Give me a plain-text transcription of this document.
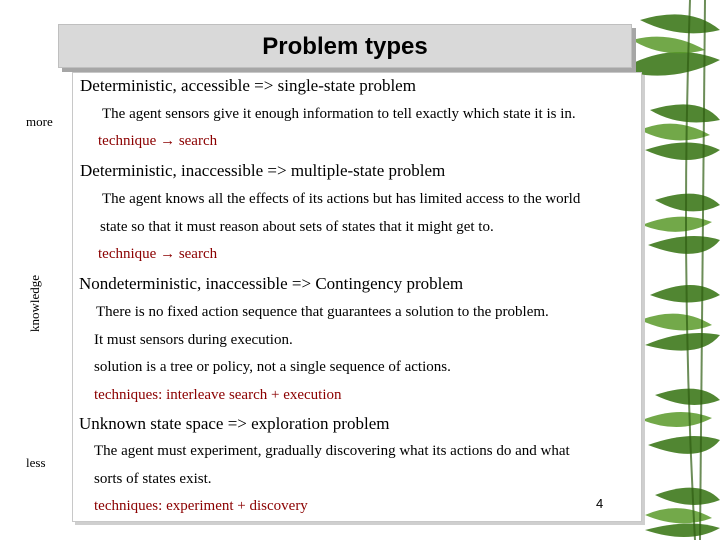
Problem types
more
knowledge
less
Deterministic, accessible => single-state problem
The agent sensors give it enough information to tell exactly which state it is in.
technique → search
Deterministic, inaccessible => multiple-state problem
The agent knows all the effects of its actions but has limited access to the world
state so that it must reason about sets of states that it might get to.
technique → search
Nondeterministic, inaccessible => Contingency problem
There is no fixed action sequence that guarantees a solution to the problem.
It must sensors during execution.
solution is a tree or policy, not a single sequence of actions.
techniques: interleave search + execution
Unknown state space => exploration problem
The agent must experiment, gradually discovering what its actions do and what
sorts of states exist.
techniques: experiment + discovery	4
